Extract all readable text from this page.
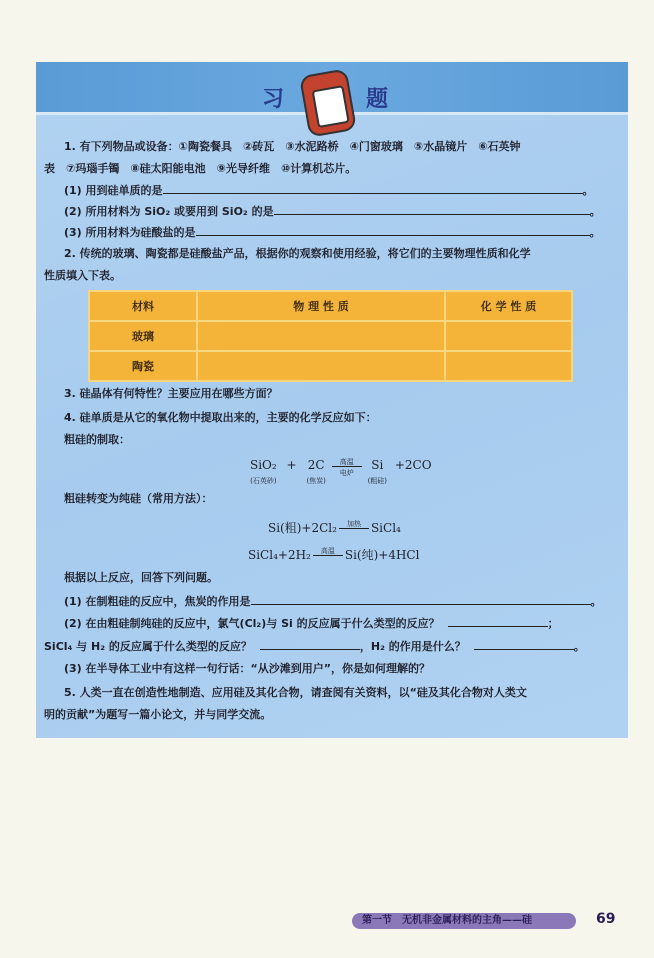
习	题
1. 有下列物品或设备：①陶瓷餐具　②砖瓦　③水泥路桥　④门窗玻璃　⑤水晶镜片　⑥石英钟
表　⑦玛瑙手镯　⑧硅太阳能电池　⑨光导纤维　⑩计算机芯片。
(1) 用到硅单质的是	。
(2) 所用材料为 SiO₂ 或要用到 SiO₂ 的是	。
(3) 所用材料为硅酸盐的是	。
2. 传统的玻璃、陶瓷都是硅酸盐产品，根据你的观察和使用经验，将它们的主要物理性质和化学
性质填入下表。
材料	物 理 性 质	化 学 性 质
玻璃		
陶瓷		
3. 硅晶体有何特性？主要应用在哪些方面？
4. 硅单质是从它的氧化物中提取出来的，主要的化学反应如下：
粗硅的制取：
SiO₂
(石英砂) + 2C
(焦炭)
高温
电炉
Si
(粗硅) +2CO
粗硅转变为纯硅（常用方法）：
Si(粗)+2Cl₂	加热 SiCl₄
SiCl₄+2H₂	高温 Si(纯)+4HCl
根据以上反应，回答下列问题。
(1) 在制粗硅的反应中，焦炭的作用是	。
(2) 在由粗硅制纯硅的反应中，氯气(Cl₂)与 Si 的反应属于什么类型的反应？	；
SiCl₄ 与 H₂ 的反应属于什么类型的反应？	，H₂ 的作用是什么？	。
(3) 在半导体工业中有这样一句行话：“从沙滩到用户”，你是如何理解的？
5. 人类一直在创造性地制造、应用硅及其化合物，请查阅有关资料，以“硅及其化合物对人类文
明的贡献”为题写一篇小论文，并与同学交流。
第一节　无机非金属材料的主角——硅	69
